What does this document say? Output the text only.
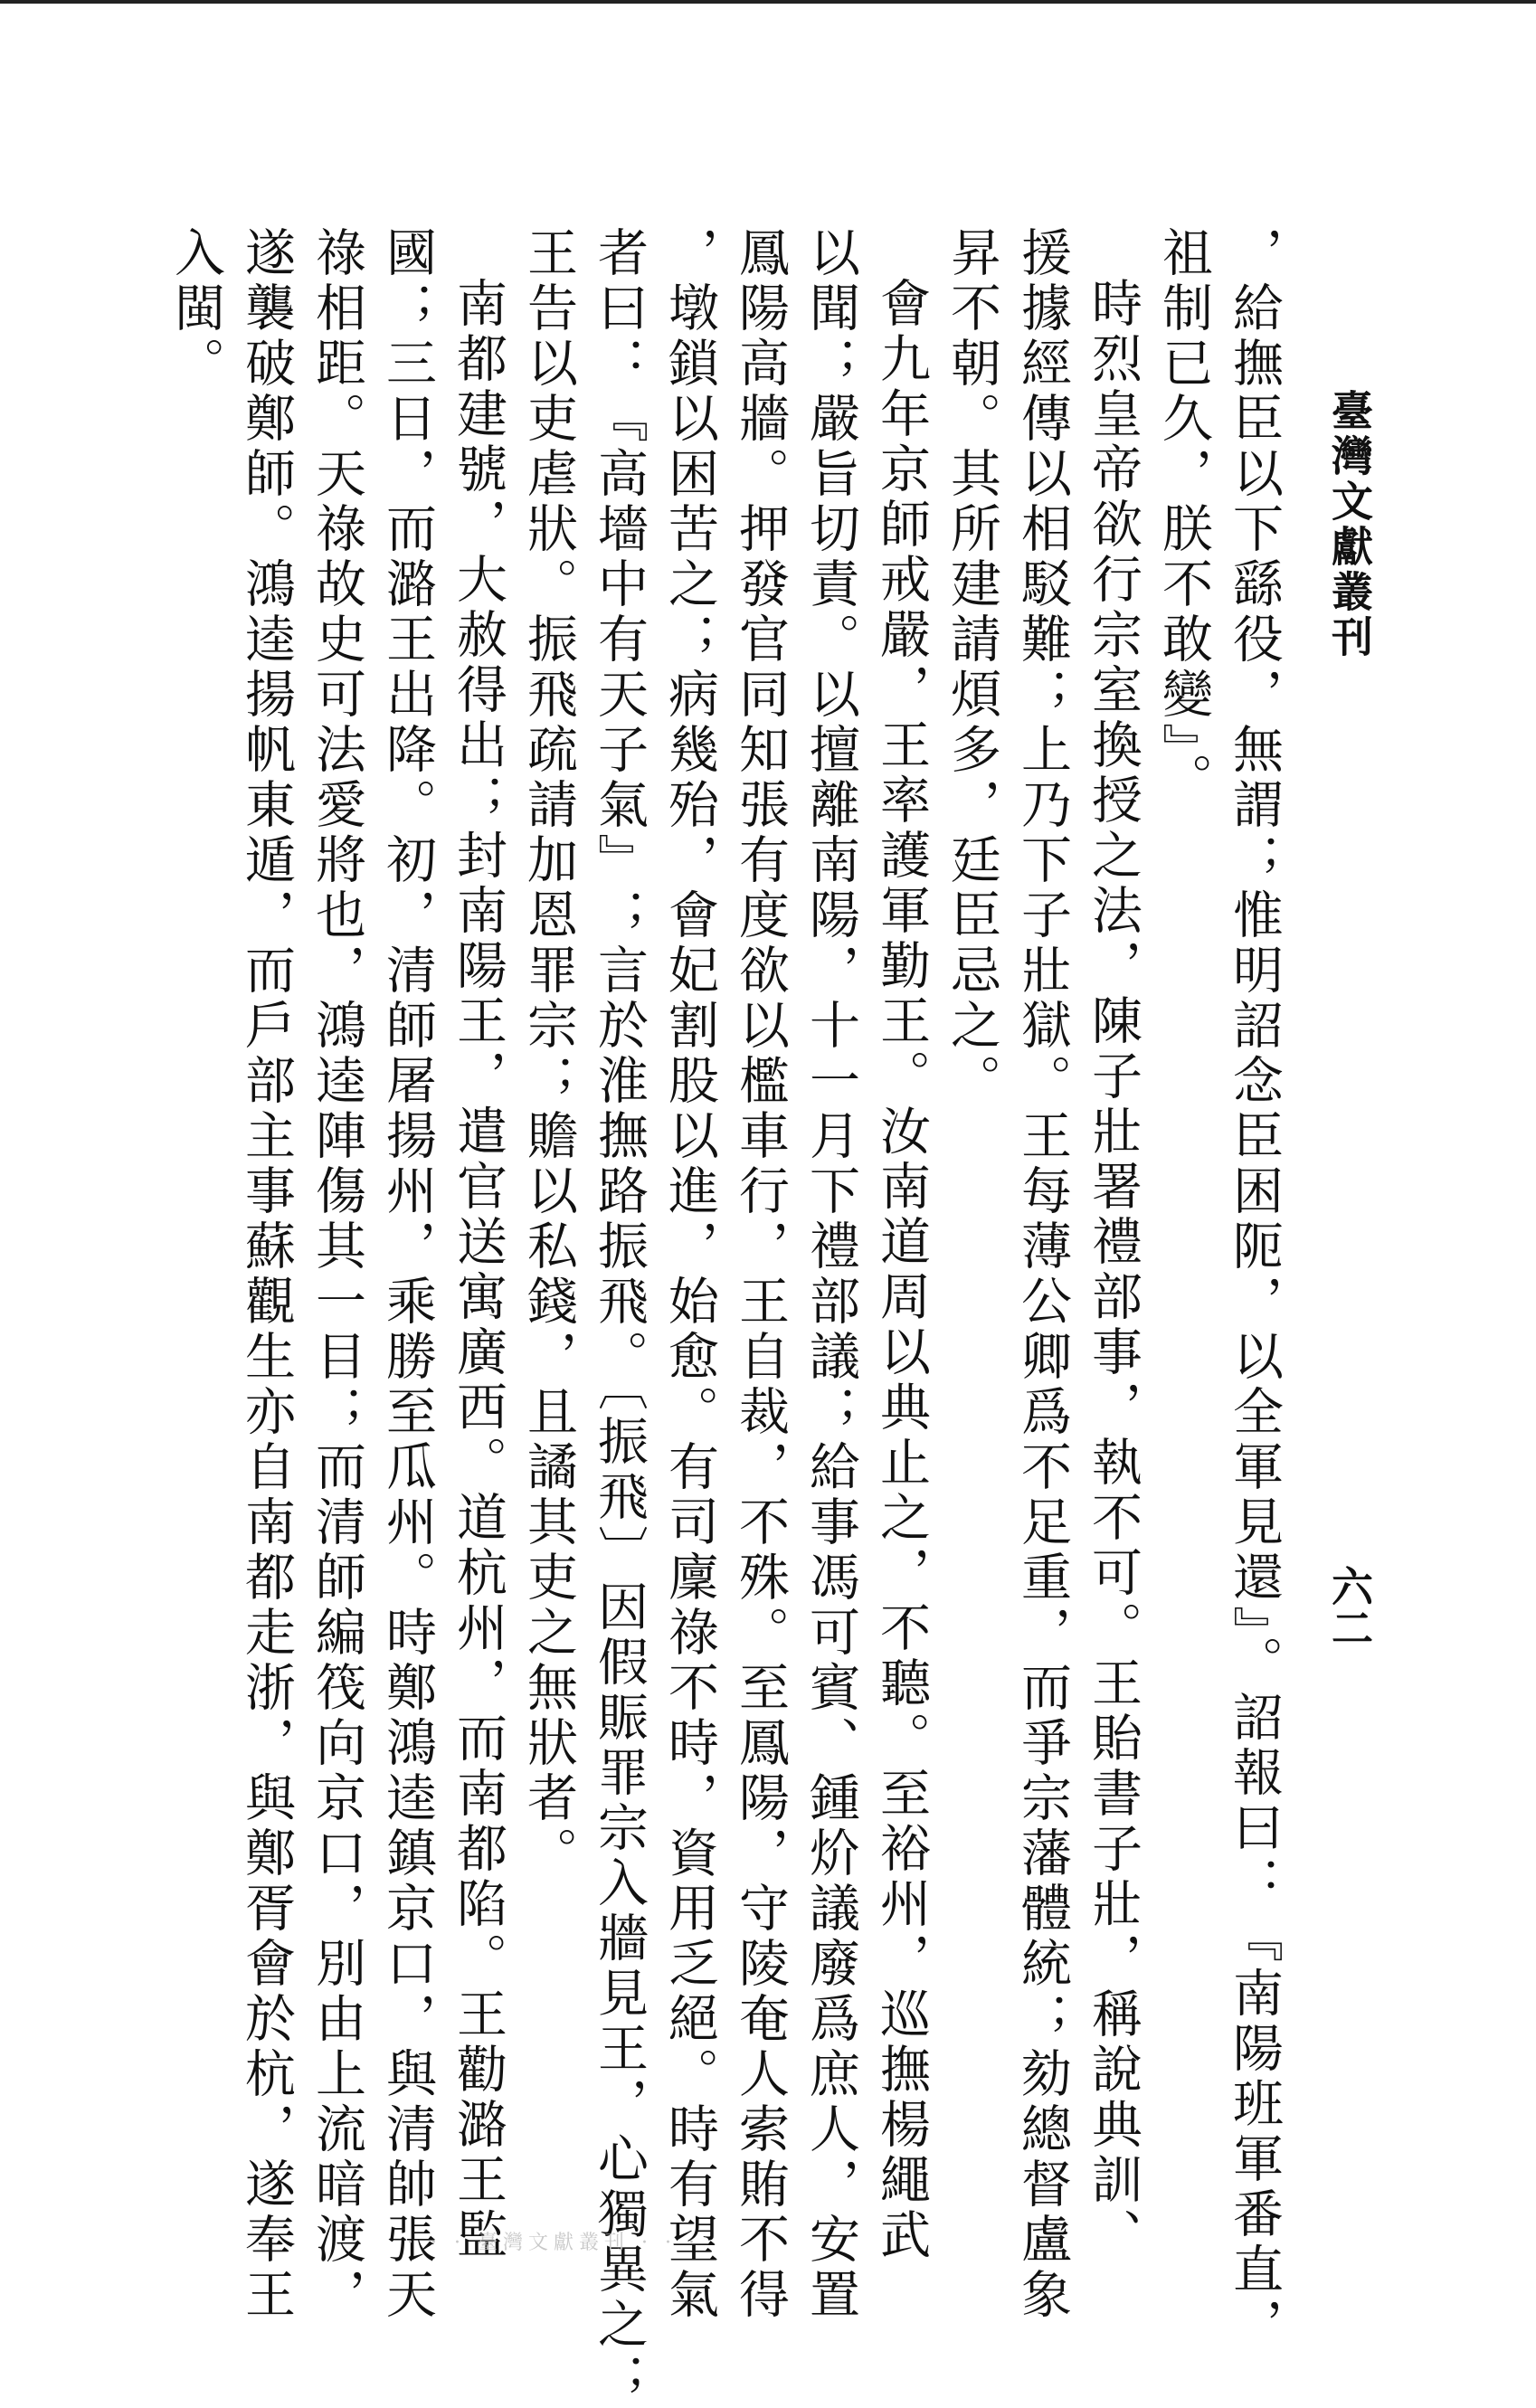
臺灣文獻叢刊
六二

，給撫臣以下繇役，無謂；惟明詔念臣困阨，以全軍見還』。詔報曰：『南陽班軍番直，

祖制已久，朕不敢變』。

時烈皇帝欲行宗室換授之法，陳子壯署禮部事，執不可。王貽書子壯，稱說典訓、

援據經傳以相駁難；上乃下子壯獄。王每薄公卿爲不足重，而爭宗藩體統；劾總督盧象

昇不朝。其所建請煩多，廷臣忌之。

會九年京師戒嚴，王率護軍勤王。汝南道周以典止之，不聽。至裕州，巡撫楊繩武

以聞；嚴旨切責。以擅離南陽，十一月下禮部議；給事馮可賓、鍾炌議廢爲庶人，安置

鳳陽高牆。押發官同知張有度欲以檻車行，王自裁，不殊。至鳳陽，守陵奄人索賄不得

，墩鎖以困苦之；病幾殆，會妃割股以進，始愈。有司廩祿不時，資用乏絕。時有望氣

者曰：『高墻中有天子氣』；言於淮撫路振飛。〔振飛〕因假賑罪宗入牆見王，心獨異之；

王告以吏虐狀。振飛疏請加恩罪宗；贍以私錢，且譎其吏之無狀者。

南都建號，大赦得出；封南陽王，遣官送寓廣西。道杭州，而南都陷。王勸潞王監

國；三日，而潞王出降。初，清師屠揚州，乘勝至瓜州。時鄭鴻逵鎮京口，與清帥張天

祿相距。天祿故史可法愛將也，鴻逵陣傷其一目；而清師編筏向京口，別由上流暗渡，

遂襲破鄭師。鴻逵揚帆東遁，而戶部主事蘇觀生亦自南都走浙，與鄭胥會於杭，遂奉王

入閩。

· · · 臺灣文獻叢刊 · · ·
